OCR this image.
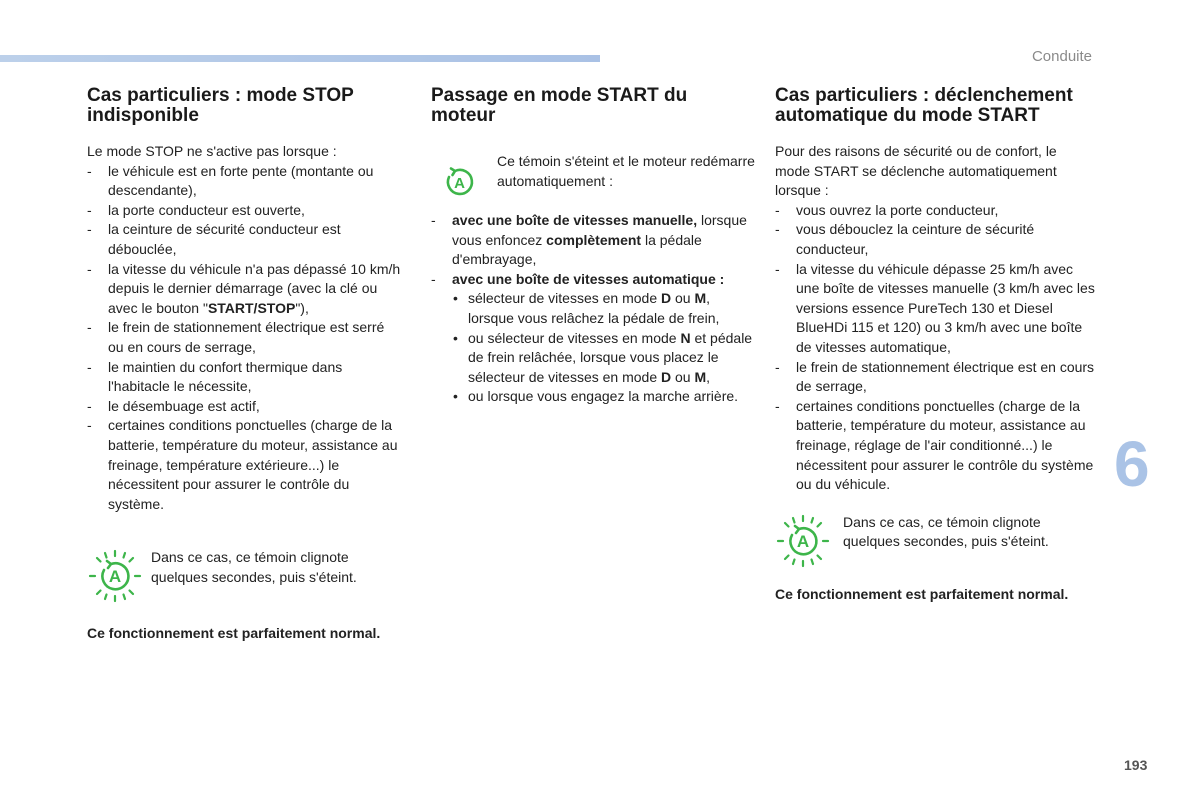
Conduite
6
193
Cas particuliers : mode STOP indisponible

Le mode STOP ne s'active pas lorsque :

- le véhicule est en forte pente (montante ou descendante),
- la porte conducteur est ouverte,
- la ceinture de sécurité conducteur est débouclée,
- la vitesse du véhicule n'a pas dépassé 10 km/h depuis le dernier démarrage (avec la clé ou avec le bouton "START/STOP"),
- le frein de stationnement électrique est serré ou en cours de serrage,
- le maintien du confort thermique dans l'habitacle le nécessite,
- le désembuage est actif,
- certaines conditions ponctuelles (charge de la batterie, température du moteur, assistance au freinage, température extérieure...) le nécessitent pour assurer le contrôle du système.
A
Dans ce cas, ce témoin clignote quelques secondes, puis s'éteint.

Ce fonctionnement est parfaitement normal.

Passage en mode START du moteur
A
Ce témoin s'éteint et le moteur redémarre automatiquement :
- avec une boîte de vitesses manuelle, lorsque vous enfoncez complètement la pédale d'embrayage,
- avec une boîte de vitesses automatique :
• sélecteur de vitesses en mode D ou M, lorsque vous relâchez la pédale de frein,
• ou sélecteur de vitesses en mode N et pédale de frein relâchée, lorsque vous placez le sélecteur de vitesses en mode D ou M,
• ou lorsque vous engagez la marche arrière.
Cas particuliers : déclenchement automatique du mode START

Pour des raisons de sécurité ou de confort, le mode START se déclenche automatiquement lorsque :

- vous ouvrez la porte conducteur,
- vous débouclez la ceinture de sécurité conducteur,
- la vitesse du véhicule dépasse 25 km/h avec une boîte de vitesses manuelle (3 km/h avec les versions essence PureTech 130 et Diesel BlueHDi 115 et 120) ou 3 km/h avec une boîte de vitesses automatique,
- le frein de stationnement électrique est en cours de serrage,
- certaines conditions ponctuelles (charge de la batterie, température du moteur, assistance au freinage, réglage de l'air conditionné...) le nécessitent pour assurer le contrôle du système ou du véhicule.
A
Dans ce cas, ce témoin clignote quelques secondes, puis s'éteint.

Ce fonctionnement est parfaitement normal.
